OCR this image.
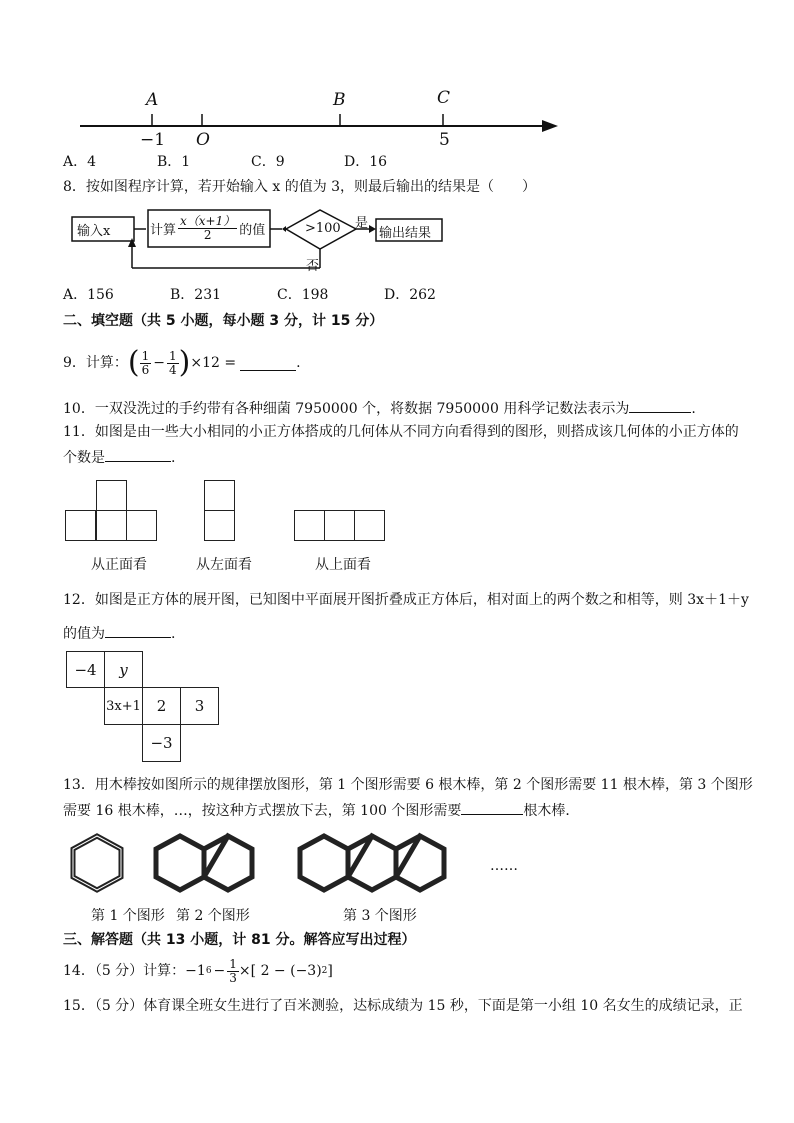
A	B	C
−1 O	5
A．4	B．1	C．9	D．16
8．按如图程序计算，若开始输入 x 的值为 3，则最后输出的结果是（　　）
输入x	计算 $\frac{x(x+1)}{2}$ 的值	>100 是
否
输出结果
A．156	B．231	C．198	D．262
二、填空题（共 5 小题，每小题 3 分，计 15 分）
9．计算： ( $\frac{1}{6} - \frac{1}{4}$ ) ×12 =	.
10．一双没洗过的手约带有各种细菌 7950000 个，将数据 7950000 用科学记数法表示为	.
11．如图是由一些大小相同的小正方体搭成的几何体从不同方向看得到的图形，则搭成该几何体的小正方体的
个数是	.
从正面看	从左面看	从上面看
12．如图是正方体的展开图，已知图中平面展开图折叠成正方体后，相对面上的两个数之和相等，则 3x＋1＋y
的值为	.
−4	y
3x+1	2	3
−3
13．用木棒按如图所示的规律摆放图形，第 1 个图形需要 6 根木棒，第 2 个图形需要 11 根木棒，第 3 个图形
需要 16 根木棒，…，按这种方式摆放下去，第 100 个图形需要	根木棒．
……
第 1 个图形 第 2 个图形	第 3 个图形
三、解答题（共 13 小题，计 81 分。解答应写出过程）
14．（5 分）计算： −1 $6 - \frac{1}{3}$ × [ 2 − (−3) 2 ]
15．（5 分）体育课全班女生进行了百米测验，达标成绩为 15 秒，下面是第一小组 10 名女生的成绩记录，正
